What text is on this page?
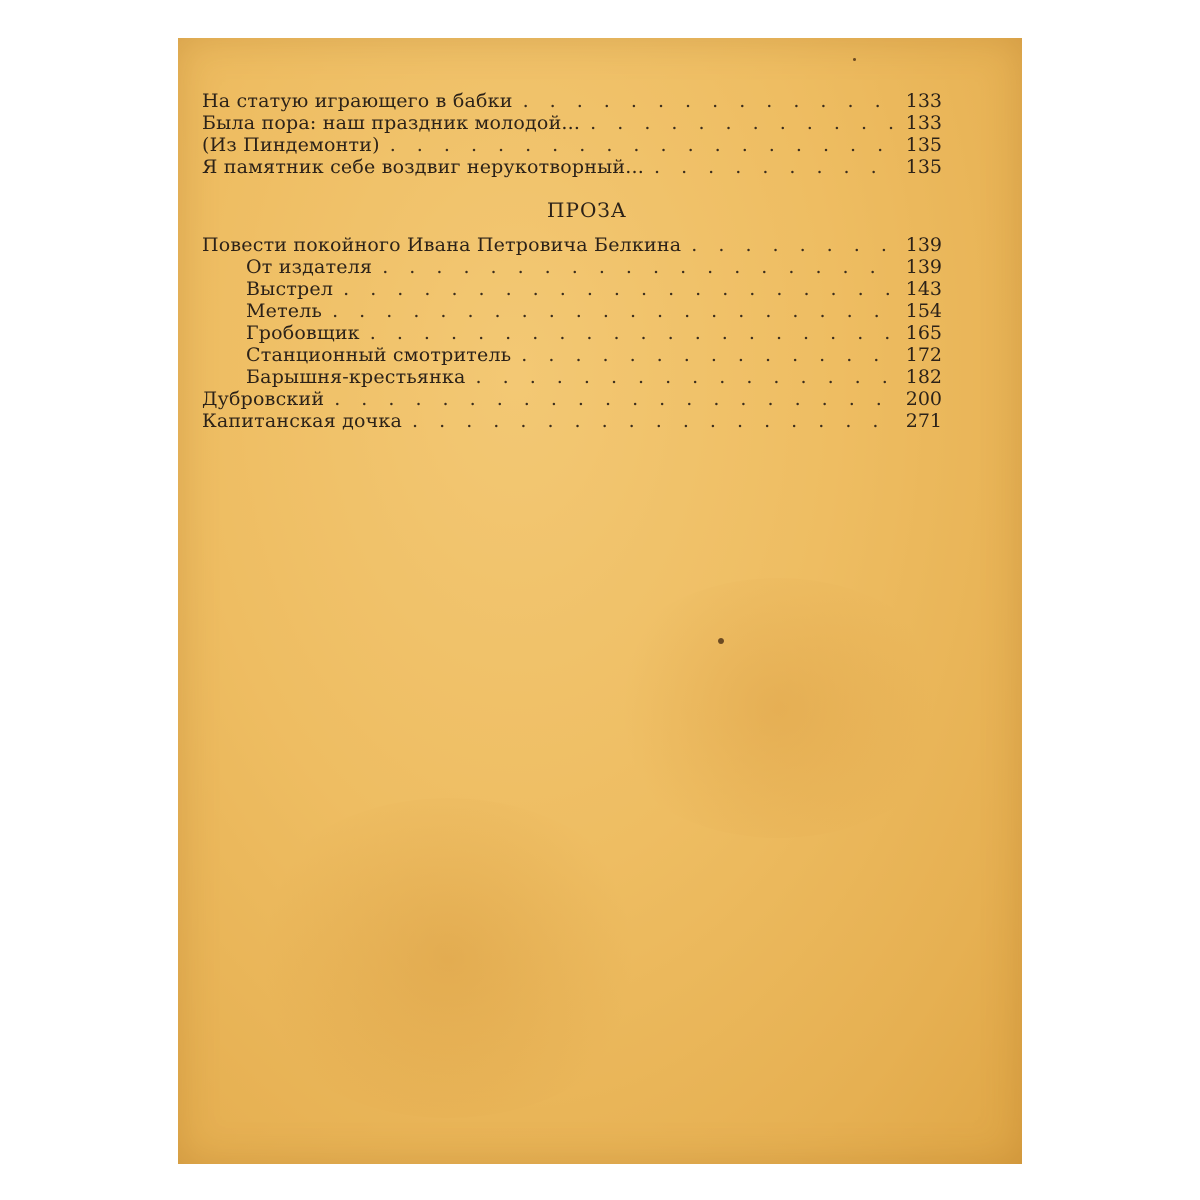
На статую играющего в бабки . . .	133
Была пора: наш праздник молодой... . . .	133
(Из Пиндемонти) . . .	135
Я памятник себе воздвиг нерукотворный... . . .	135
ПРОЗА
Повести покойного Ивана Петровича Белкина . . .	139
От издателя . . .	139
Выстрел . . .	143
Метель . . .	154
Гробовщик . . .	165
Станционный смотритель . . .	172
Барышня-крестьянка . . .	182
Дубровский . . .	200
Капитанская дочка . . .	271
